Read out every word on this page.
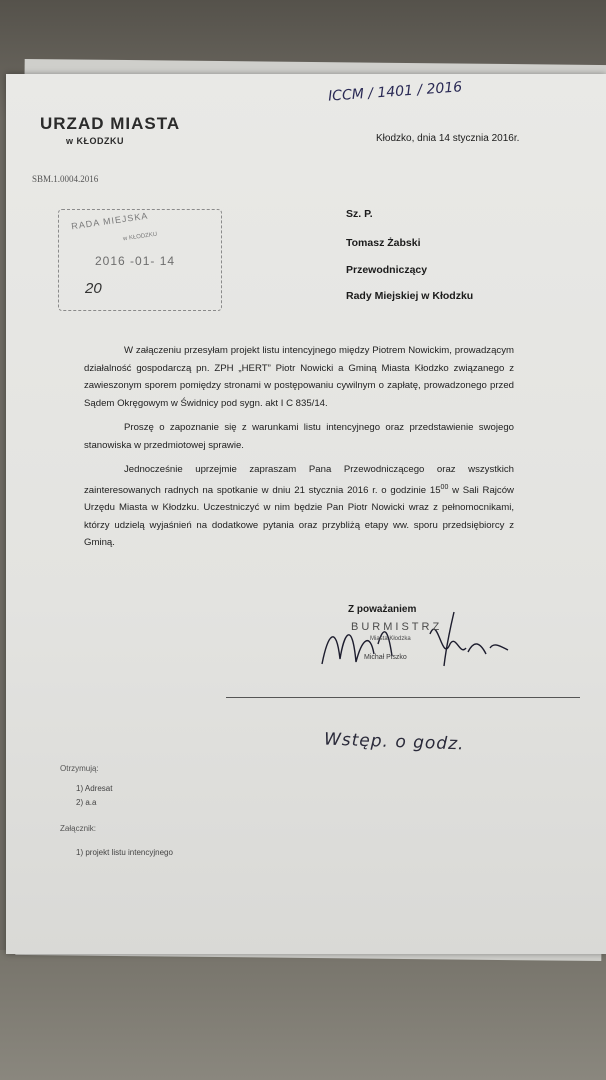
ICCM / 1401 / 2016
URZAD MIASTA
w KŁODZKU	Kłodzko, dnia 14 stycznia 2016r.
SBM.1.0004.2016
RADA MIEJSKA
w KŁODZKU
2016 -01- 14
20
Sz. P.
Tomasz Żabski
Przewodniczący
Rady Miejskiej w Kłodzku

W załączeniu przesyłam projekt listu intencyjnego między Piotrem Nowickim, prowadzącym działalność gospodarczą pn. ZPH „HERT” Piotr Nowicki a Gminą Miasta Kłodzko związanego z zawieszonym sporem pomiędzy stronami w postępowaniu cywilnym o zapłatę, prowadzonego przed Sądem Okręgowym w Świdnicy pod sygn. akt I C 835/14.

Proszę o zapoznanie się z warunkami listu intencyjnego oraz przedstawienie swojego stanowiska w przedmiotowej sprawie.

Jednocześnie uprzejmie zapraszam Pana Przewodniczącego oraz wszystkich zainteresowanych radnych na spotkanie w dniu 21 stycznia 2016 r. o godzinie $15^{00}$ w Sali Rajców Urzędu Miasta w Kłodzku. Uczestniczyć w nim będzie Pan Piotr Nowicki wraz z pełnomocnikami, którzy udzielą wyjaśnień na dodatkowe pytania oraz przybliżą etapy ww. sporu przedsiębiorcy z Gminą.

Z poważaniem
BURMISTRZ
Miasta Kłodzka
Michał Piszko
Wstęp. o godz.
Otrzymują:
1) Adresat
2) a.a
Załącznik:
1) projekt listu intencyjnego
